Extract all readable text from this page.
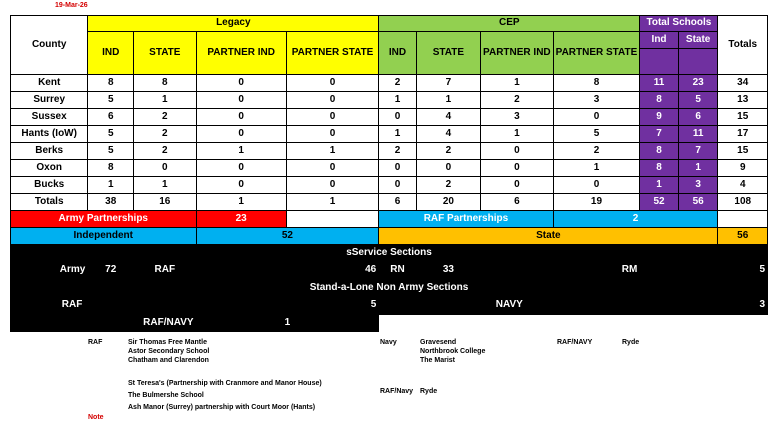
19-Mar-26
County	Legacy				CEP				Total Schools		Totals
	IND	STATE	PARTNER IND	PARTNER STATE	IND	STATE	PARTNER IND	PARTNER STATE	Ind	State	

Kent	8	8	0	0	2	7	1	8	11	23	34
Surrey	5	1	0	0	1	1	2	3	8	5	13
Sussex	6	2	0	0	0	4	3	0	9	6	15
Hants (IoW)	5	2	0	0	1	4	1	5	7	11	17
Berks	5	2	1	1	2	2	0	2	8	7	15
Oxon	8	0	0	0	0	0	0	1	8	1	9
Bucks	1	1	0	0	0	2	0	0	1	3	4
Totals	38	16	1	1	6	20	6	19	52	56	108
Army Partnerships			23		RAF Partnerships			2			
Independent			52		State						56
sService Sections											
Army	72	RAF	46		RN	33	RM		5		
Stand-a-Lone Non Army Sections											
RAF		5			NAVY				3		
RAF/NAVY			1								
RAF	Sir Thomas Free Mantle
Astor Secondary School
Chatham and Clarendon
St Teresa's (Partnership with Cranmore and Manor House)
The Bulmershe School
Ash Manor (Surrey) partnership with Court Moor (Hants)
Note
Navy	Gravesend
Northbrook College
The Marist
RAF/NAVY	Ryde
RAF/Navy Ryde
